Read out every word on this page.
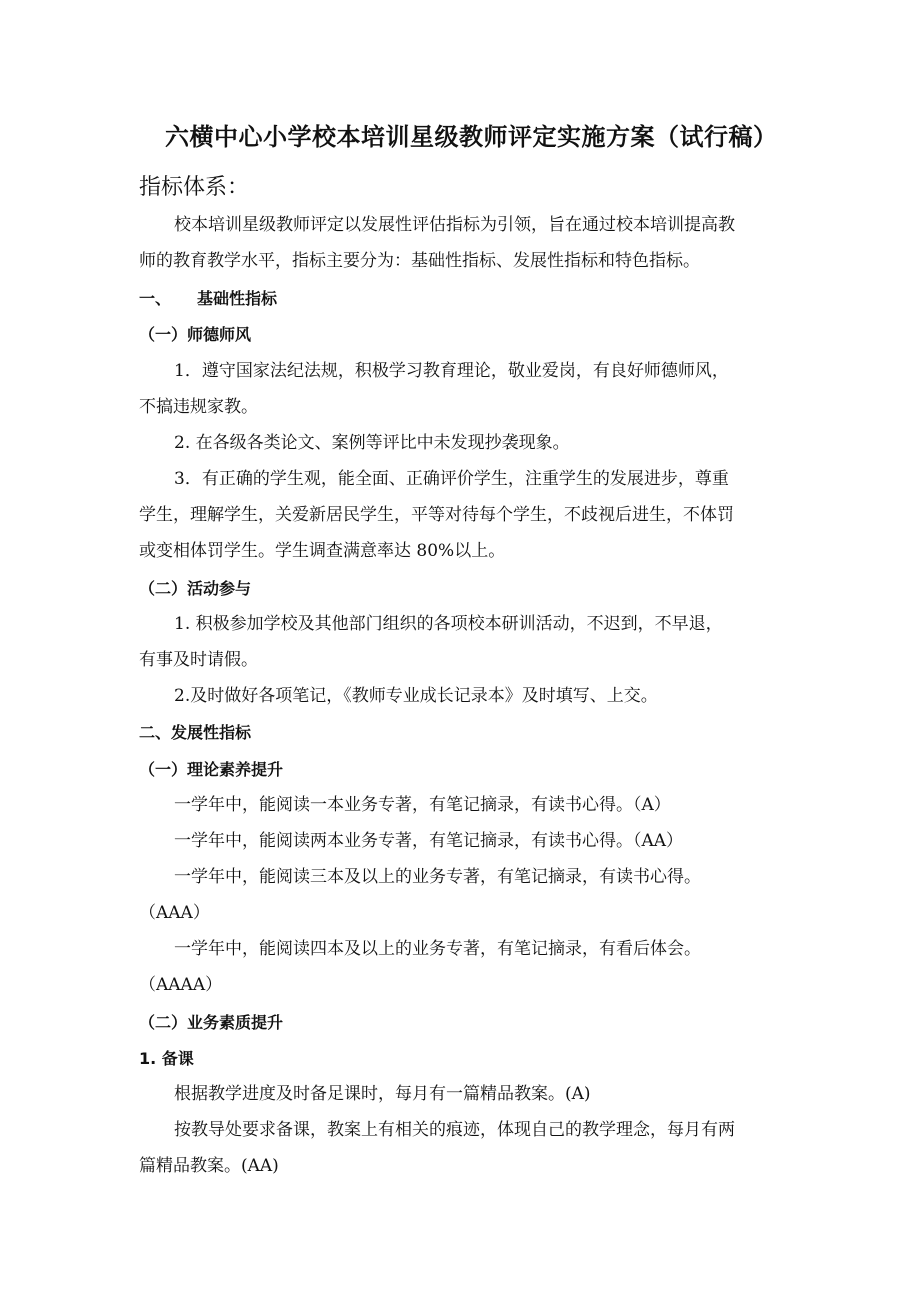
六横中心小学校本培训星级教师评定实施方案（试行稿）

指标体系：

校本培训星级教师评定以发展性评估指标为引领，旨在通过校本培训提高教

师的教育教学水平，指标主要分为：基础性指标、发展性指标和特色指标。

一、 基础性指标

（一）师德师风

1．遵守国家法纪法规，积极学习教育理论，敬业爱岗，有良好师德师风，

不搞违规家教。

2. 在各级各类论文、案例等评比中未发现抄袭现象。

3．有正确的学生观，能全面、正确评价学生，注重学生的发展进步，尊重

学生，理解学生，关爱新居民学生，平等对待每个学生，不歧视后进生，不体罚

或变相体罚学生。学生调查满意率达 80%以上。

（二）活动参与

1. 积极参加学校及其他部门组织的各项校本研训活动，不迟到，不早退，

有事及时请假。

2.及时做好各项笔记，《教师专业成长记录本》及时填写、上交。

二、发展性指标

（一）理论素养提升

一学年中，能阅读一本业务专著，有笔记摘录，有读书心得。（A）

一学年中，能阅读两本业务专著，有笔记摘录，有读书心得。（AA）

一学年中，能阅读三本及以上的业务专著，有笔记摘录，有读书心得。

（AAA）

一学年中，能阅读四本及以上的业务专著，有笔记摘录，有看后体会。

（AAAA）

（二）业务素质提升

1. 备课

根据教学进度及时备足课时，每月有一篇精品教案。(A)

按教导处要求备课，教案上有相关的痕迹，体现自己的教学理念，每月有两

篇精品教案。(AA)
